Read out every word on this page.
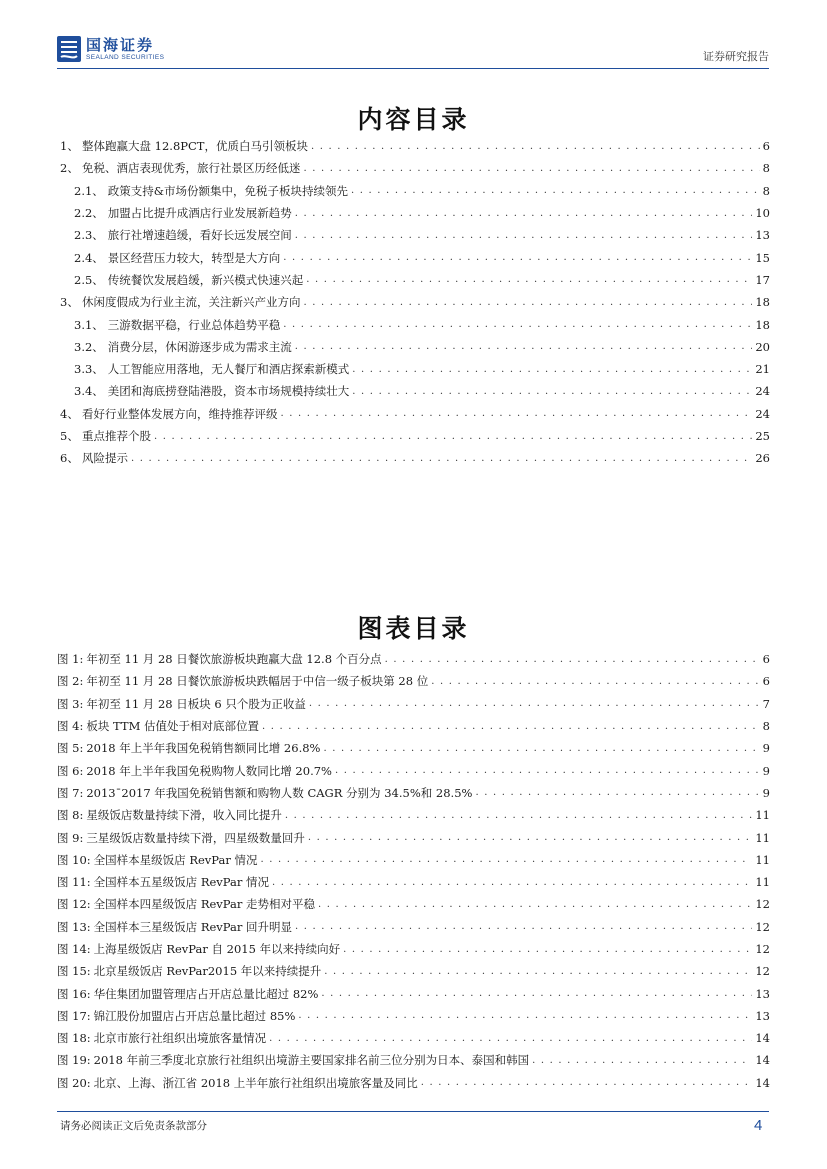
国海证券
SEALAND SECURITIES	证券研究报告
内容目录
1、 整体跑赢大盘 12.8PCT，优质白马引领板块 . . .	6
2、 免税、酒店表现优秀，旅行社景区历经低迷 . . .	8
2.1、 政策支持&市场份额集中，免税子板块持续领先 . . .	8
2.2、 加盟占比提升成酒店行业发展新趋势 . . .	10
2.3、 旅行社增速趋缓，看好长远发展空间 . . .	13
2.4、 景区经营压力较大，转型是大方向 . . .	15
2.5、 传统餐饮发展趋缓，新兴模式快速兴起 . . .	17
3、 休闲度假成为行业主流，关注新兴产业方向 . . .	18
3.1、 三游数据平稳，行业总体趋势平稳 . . .	18
3.2、 消费分层，休闲游逐步成为需求主流 . . .	20
3.3、 人工智能应用落地，无人餐厅和酒店探索新模式 . . .	21
3.4、 美团和海底捞登陆港股，资本市场规模持续壮大 . . .	24
4、 看好行业整体发展方向，维持推荐评级 . . .	24
5、 重点推荐个股 . . .	25
6、 风险提示 . . .	26
图表目录
图 1: 年初至 11 月 28 日餐饮旅游板块跑赢大盘 12.8 个百分点 . . .	6
图 2: 年初至 11 月 28 日餐饮旅游板块跌幅居于中信一级子板块第 28 位 . . .	6
图 3: 年初至 11 月 28 日板块 6 只个股为正收益 . . .	7
图 4: 板块 TTM 估值处于相对底部位置 . . .	8
图 5: 2018 年上半年我国免税销售额同比增 26.8% . . .	9
图 6: 2018 年上半年我国免税购物人数同比增 20.7% . . .	9
图 7: 2013¯2017 年我国免税销售额和购物人数 CAGR 分别为 34.5%和 28.5% . . .	9
图 8: 星级饭店数量持续下滑，收入同比提升 . . .	11
图 9: 三星级饭店数量持续下滑，四星级数量回升 . . .	11
图 10: 全国样本星级饭店 RevPar 情况 . . .	11
图 11: 全国样本五星级饭店 RevPar 情况 . . .	11
图 12: 全国样本四星级饭店 RevPar 走势相对平稳 . . .	12
图 13: 全国样本三星级饭店 RevPar 回升明显 . . .	12
图 14: 上海星级饭店 RevPar 自 2015 年以来持续向好 . . .	12
图 15: 北京星级饭店 RevPar2015 年以来持续提升 . . .	12
图 16: 华住集团加盟管理店占开店总量比超过 82% . . .	13
图 17: 锦江股份加盟店占开店总量比超过 85% . . .	13
图 18: 北京市旅行社组织出境旅客量情况 . . .	14
图 19: 2018 年前三季度北京旅行社组织出境游主要国家排名前三位分别为日本、泰国和韩国 . . .	14
图 20: 北京、上海、浙江省 2018 上半年旅行社组织出境旅客量及同比 . . .	14
请务必阅读正文后免责条款部分	4
